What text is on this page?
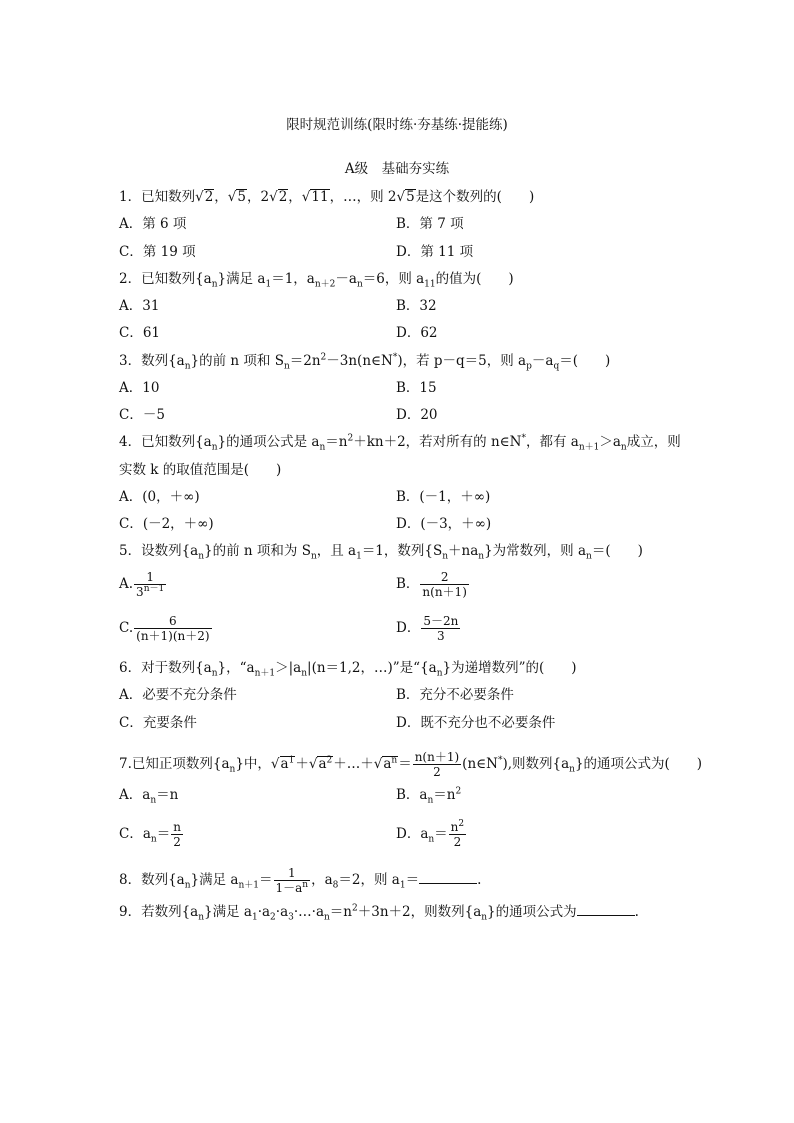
限时规范训练(限时练·夯基练·提能练)
A级　基础夯实练
1．已知数列√2，√5，2√2，√11，…，则 2√5是这个数列的(　　)
A．第 6 项	B．第 7 项
C．第 19 项	D．第 11 项
2．已知数列$\{a_n\}$满足 $a_1=1$，$a_{n+2}-a_n=6$，则 $a_{11}$的值为(　　)
A．31	B．32
C．61	D．62
3．数列$\{a_n\}$的前 n 项和 $S_n=2n^2-3n(n\in N^*)$，若 p－q＝5，则 $a_p-a_q=$(　　)
A．10	B．15
C．－5	D．20
4．已知数列$\{a_n\}$的通项公式是 $a_n=n^2+kn+2$，若对所有的 n∈N*，都有 $a_{n+1}>a_n$成立，则
实数 k 的取值范围是(　　)
A．(0，＋∞)	B．(－1，＋∞)
C．(－2，＋∞)	D．(－3，＋∞)
5．设数列$\{a_n\}$的前 n 项和为 $S_n$，且 $a_1=1$，数列$\{S_n+na_n\}$为常数列，则 $a_n=$(　　)
A. $\frac{1}{3^{n-1}}$	B． $\frac{2}{n(n+1)}$
C. $\frac{6}{(n+1)(n+2)}$	D． $\frac{5-2n}{3}$
6．对于数列$\{a_n\}$，“$a_{n+1}>|a_n|(n=1,2$，…)”是“$\{a_n\}$为递增数列”的(　　)
A．必要不充分条件	B．充分不必要条件
C．充要条件	D．既不充分也不必要条件
7.已知正项数列$\{a_n\}$中，$√a^1+√a^2+\dots+√a^n= \frac{n(n+1)}{2}$ (n∈N*),则数列$\{a_n\}$的通项公式为(　　)
A．$a_n=n$	B．$a_n=n^2$
C．$a_n= \frac{n}{2}$	D．$a_n= \frac{n^2}{2}$
8．数列$\{a_n\}$满足 $a_{n+1}= \frac{1}{1-a^n}$ ，$a_8=2$，则 $a_1=$	.
9．若数列$\{a_n\}$满足 $a_1\cdot a_2\cdot a_3\cdot\dots\cdot a_n=n^2+3n+2$，则数列$\{a_n\}$的通项公式为	.
